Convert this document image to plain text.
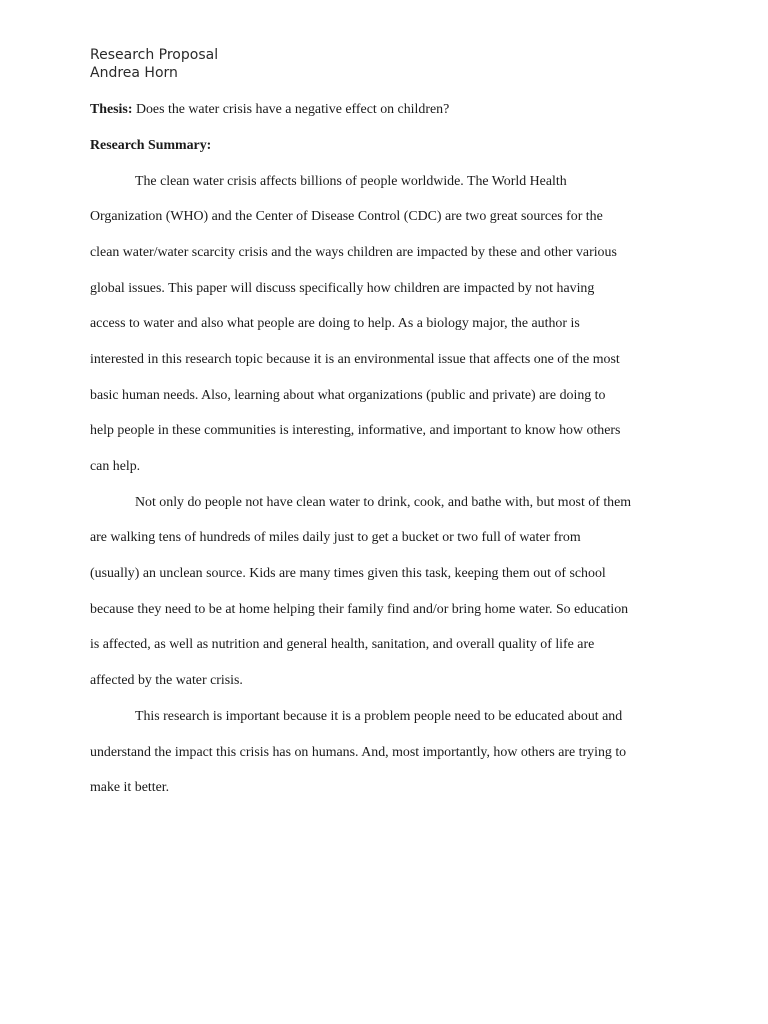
Research Proposal
Andrea Horn
Thesis: Does the water crisis have a negative effect on children?
Research Summary:
The clean water crisis affects billions of people worldwide. The World Health
Organization (WHO) and the Center of Disease Control (CDC) are two great sources for the
clean water/water scarcity crisis and the ways children are impacted by these and other various
global issues. This paper will discuss specifically how children are impacted by not having
access to water and also what people are doing to help. As a biology major, the author is
interested in this research topic because it is an environmental issue that affects one of the most
basic human needs. Also, learning about what organizations (public and private) are doing to
help people in these communities is interesting, informative, and important to know how others
can help.
Not only do people not have clean water to drink, cook, and bathe with, but most of them
are walking tens of hundreds of miles daily just to get a bucket or two full of water from
(usually) an unclean source. Kids are many times given this task, keeping them out of school
because they need to be at home helping their family find and/or bring home water. So education
is affected, as well as nutrition and general health, sanitation, and overall quality of life are
affected by the water crisis.
This research is important because it is a problem people need to be educated about and
understand the impact this crisis has on humans. And, most importantly, how others are trying to
make it better.
